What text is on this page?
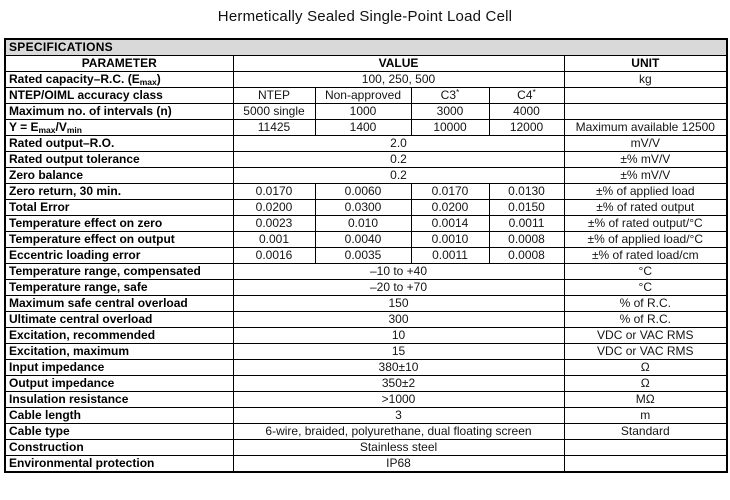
Hermetically Sealed Single-Point Load Cell
SPECIFICATIONS					
PARAMETER	VALUE				UNIT
Rated capacity–R.C. $(E_{max})$	100, 250, 500				kg
NTEP/OIML accuracy class	NTEP	Non-approved	C3*	C4*	
Maximum no. of intervals (n)	5000 single	1000	3000	4000	
$Y = E_{max}/V_{min}$	11425	1400	10000	12000	Maximum available 12500
Rated output–R.O.	2.0				mV/V
Rated output tolerance	0.2				±% mV/V
Zero balance	0.2				±% mV/V
Zero return, 30 min.	0.0170	0.0060	0.0170	0.0130	±% of applied load
Total Error	0.0200	0.0300	0.0200	0.0150	±% of rated output
Temperature effect on zero	0.0023	0.010	0.0014	0.0011	±% of rated output/°C
Temperature effect on output	0.001	0.0040	0.0010	0.0008	±% of applied load/°C
Eccentric loading error	0.0016	0.0035	0.0011	0.0008	±% of rated load/cm
Temperature range, compensated	–10 to +40				°C
Temperature range, safe	–20 to +70				°C
Maximum safe central overload	150				% of R.C.
Ultimate central overload	300				% of R.C.
Excitation, recommended	10				VDC or VAC RMS
Excitation, maximum	15				VDC or VAC RMS
Input impedance	380±10				Ω
Output impedance	350±2				Ω
Insulation resistance	>1000				MΩ
Cable length	3				m
Cable type	6-wire, braided, polyurethane, dual floating screen				Standard
Construction	Stainless steel				
Environmental protection	IP68				
